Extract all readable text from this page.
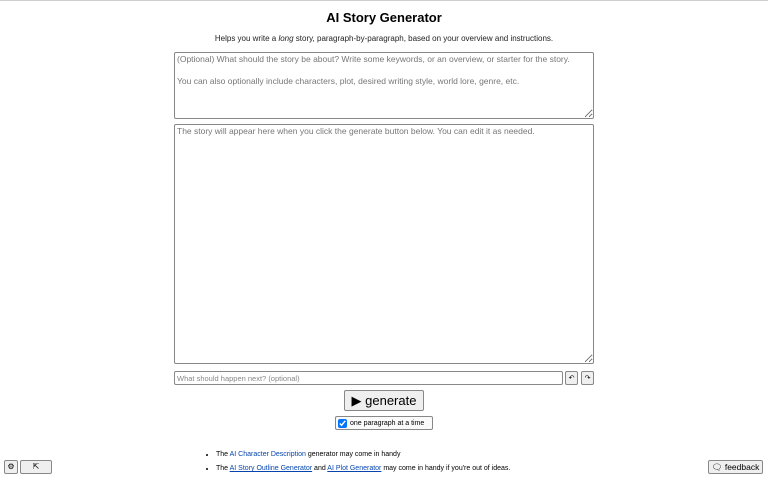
AI Story Generator
Helps you write a long story, paragraph-by-paragraph, based on your overview and instructions.
(Optional) What should the story be about? Write some keywords, or an overview, or starter for the story. You can also optionally include characters, plot, desired writing style, world lore, genre, etc.
The story will appear here when you click the generate button below. You can edit it as needed.
What should happen next? (optional)
↶	↷
▶ generate
one paragraph at a time
• The AI Character Description generator may come in handy
• The AI Story Outline Generator and AI Plot Generator may come in handy if you're out of ideas.
⚙	⇱	🗨 feedback
